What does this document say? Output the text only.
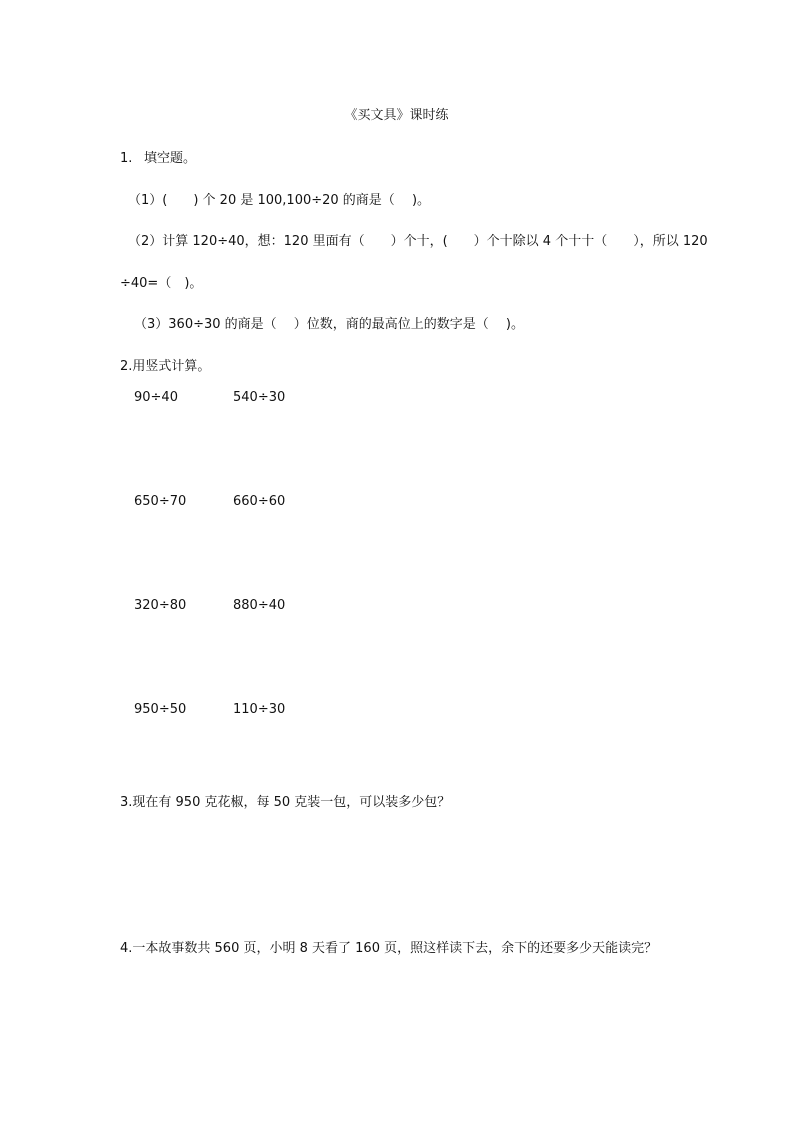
《买文具》课时练
1. 填空题。
（1）(　　) 个 20 是 100,100÷20 的商是（　 )。
（2）计算 120÷40，想：120 里面有（　　）个十，(　　）个十除以 4 个十十（　　），所以 120
÷40=（　)。
（3）360÷30 的商是（　 ）位数，商的最高位上的数字是（　 )。
2.用竖式计算。
90÷40	540÷30
650÷70	660÷60
320÷80	880÷40
950÷50	110÷30
3.现在有 950 克花椒，每 50 克装一包，可以装多少包？
4.一本故事数共 560 页，小明 8 天看了 160 页，照这样读下去，余下的还要多少天能读完？
